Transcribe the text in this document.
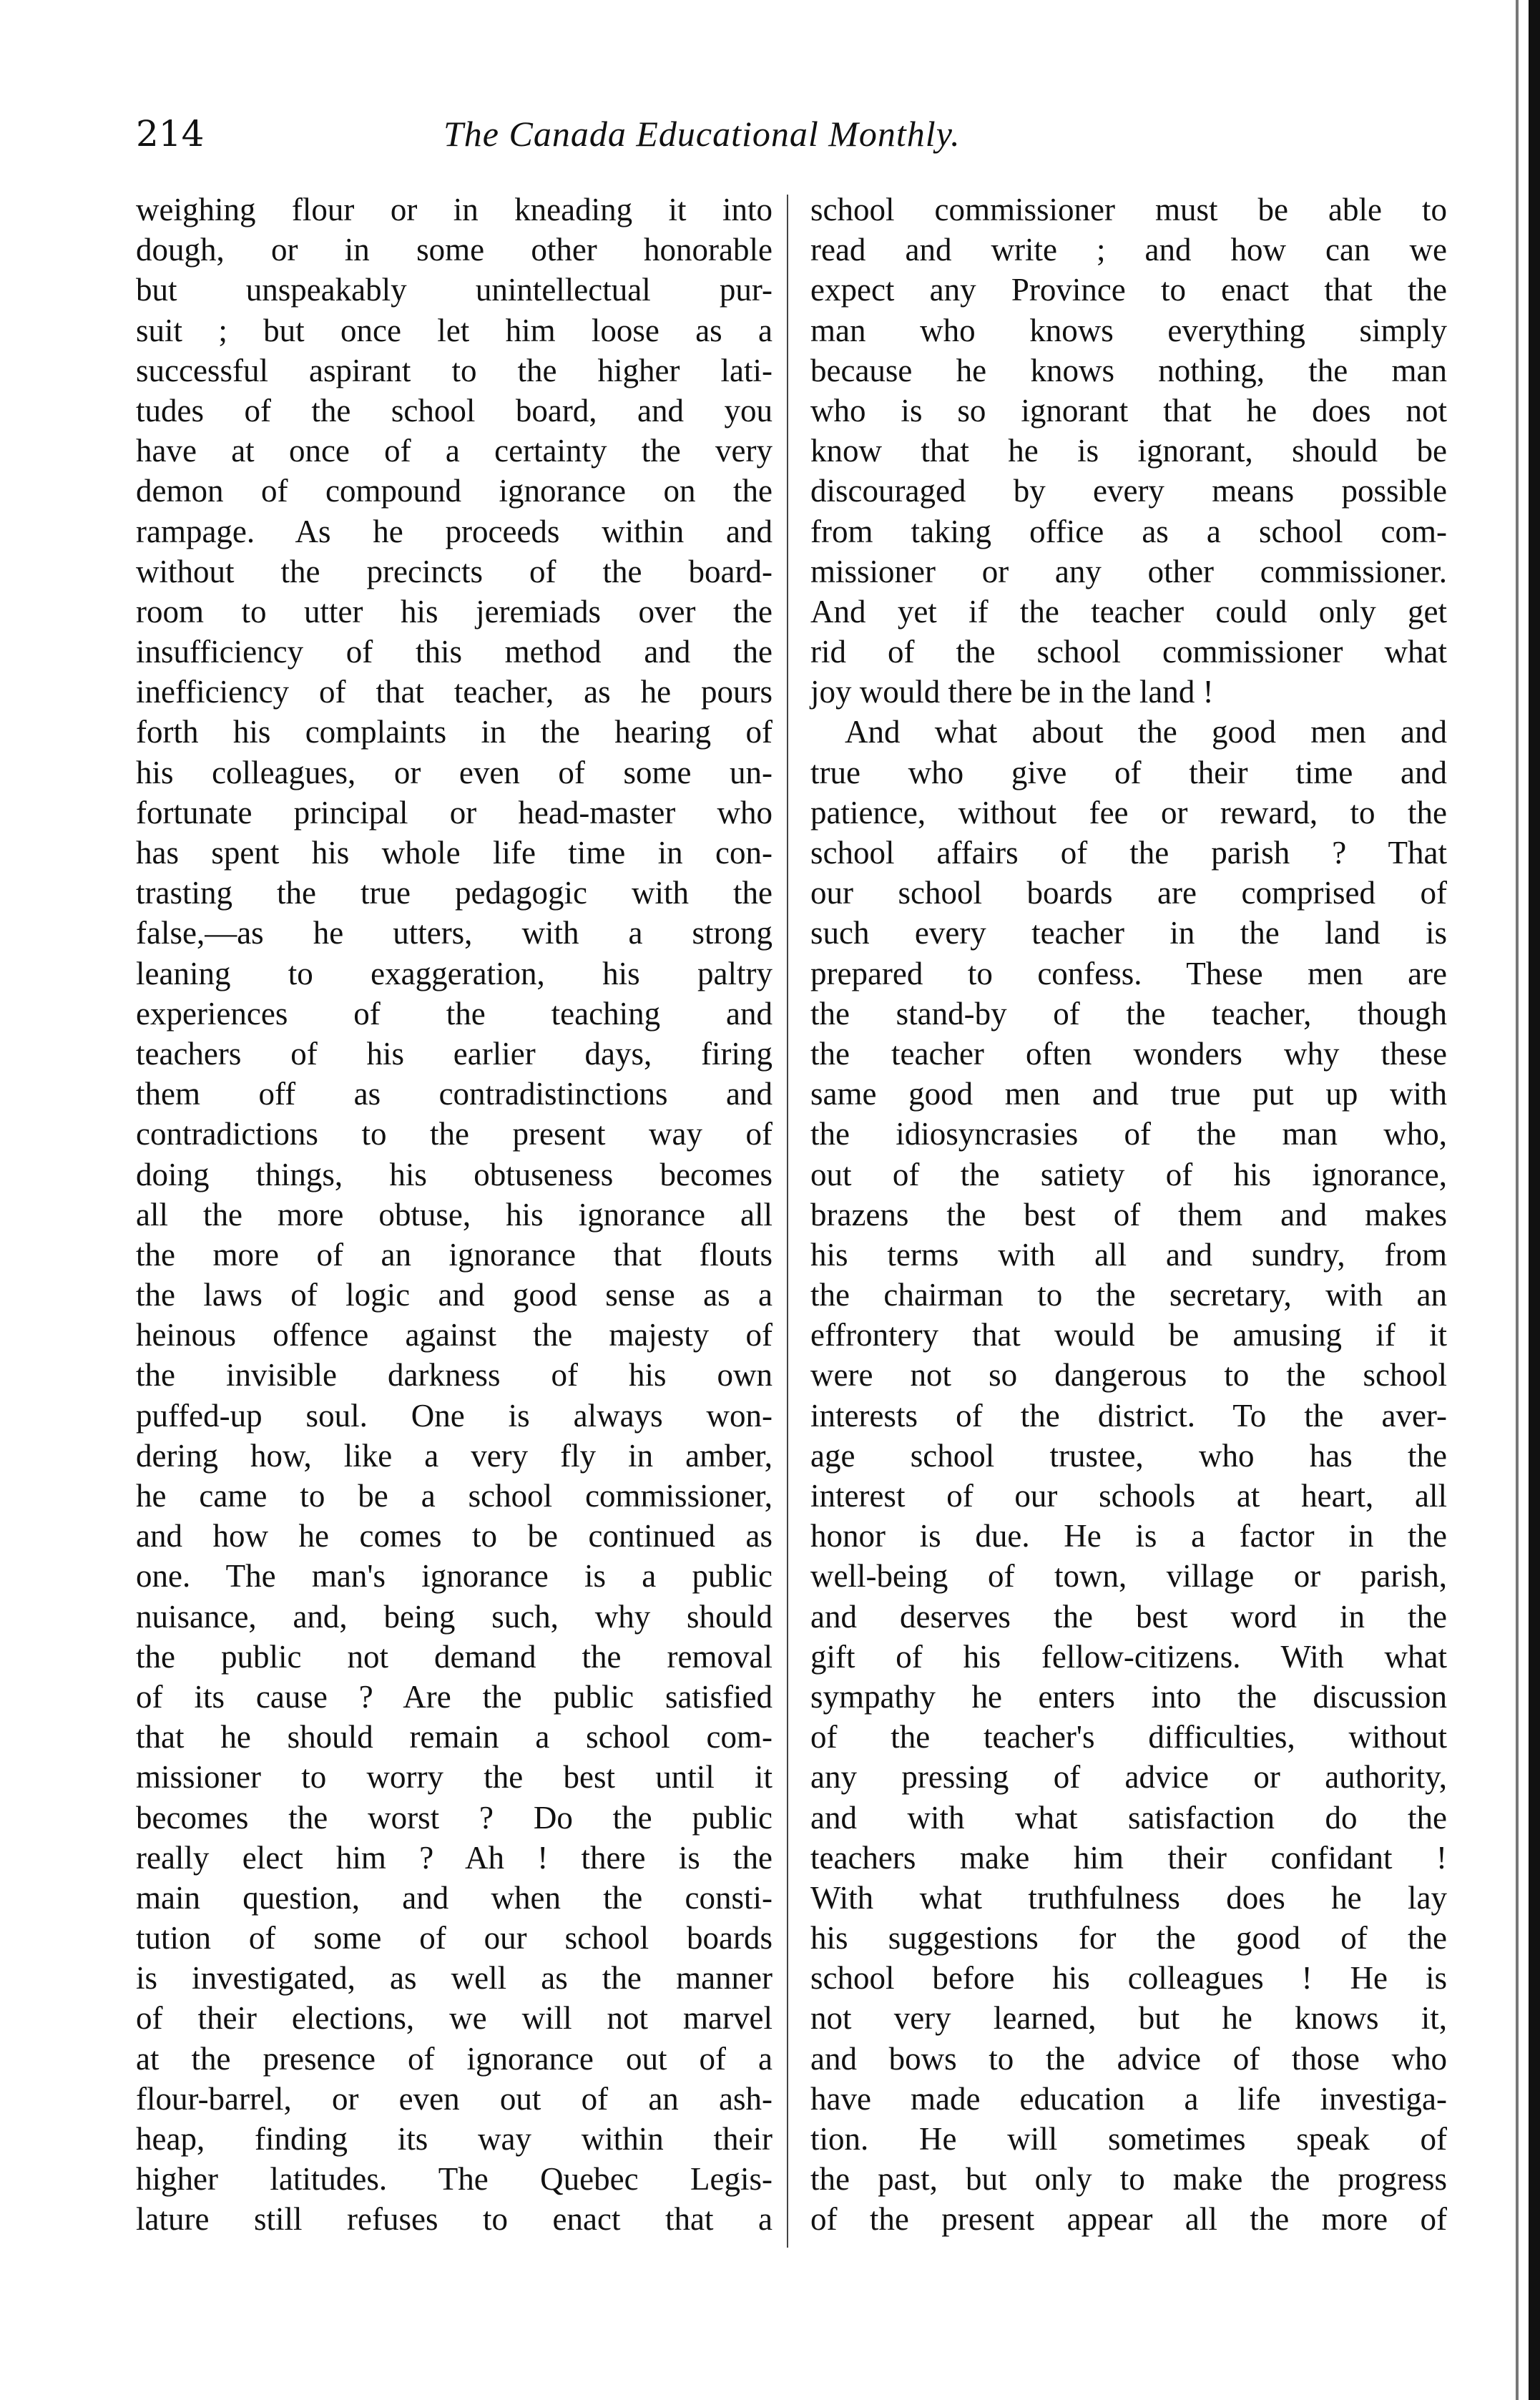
214	The Canada Educational Monthly.
weighing flour or in kneading it into
dough, or in some other honorable
but unspeakably unintellectual pur-
suit ; but once let him loose as a
successful aspirant to the higher lati-
tudes of the school board, and you
have at once of a certainty the very
demon of compound ignorance on the
rampage. As he proceeds within and
without the precincts of the board-
room to utter his jeremiads over the
insufficiency of this method and the
inefficiency of that teacher, as he pours
forth his complaints in the hearing of
his colleagues, or even of some un-
fortunate principal or head-master who
has spent his whole life time in con-
trasting the true pedagogic with the
false,—as he utters, with a strong
leaning to exaggeration, his paltry
experiences of the teaching and
teachers of his earlier days, firing
them off as contradistinctions and
contradictions to the present way of
doing things, his obtuseness becomes
all the more obtuse, his ignorance all
the more of an ignorance that flouts
the laws of logic and good sense as a
heinous offence against the majesty of
the invisible darkness of his own
puffed-up soul. One is always won-
dering how, like a very fly in amber,
he came to be a school commissioner,
and how he comes to be continued as
one. The man's ignorance is a public
nuisance, and, being such, why should
the public not demand the removal
of its cause ? Are the public satisfied
that he should remain a school com-
missioner to worry the best until it
becomes the worst ? Do the public
really elect him ? Ah ! there is the
main question, and when the consti-
tution of some of our school boards
is investigated, as well as the manner
of their elections, we will not marvel
at the presence of ignorance out of a
flour-barrel, or even out of an ash-
heap, finding its way within their
higher latitudes. The Quebec Legis-
lature still refuses to enact that a
school commissioner must be able to
read and write ; and how can we
expect any Province to enact that the
man who knows everything simply
because he knows nothing, the man
who is so ignorant that he does not
know that he is ignorant, should be
discouraged by every means possible
from taking office as a school com-
missioner or any other commissioner.
And yet if the teacher could only get
rid of the school commissioner what
joy would there be in the land !
And what about the good men and
true who give of their time and
patience, without fee or reward, to the
school affairs of the parish ? That
our school boards are comprised of
such every teacher in the land is
prepared to confess. These men are
the stand-by of the teacher, though
the teacher often wonders why these
same good men and true put up with
the idiosyncrasies of the man who,
out of the satiety of his ignorance,
brazens the best of them and makes
his terms with all and sundry, from
the chairman to the secretary, with an
effrontery that would be amusing if it
were not so dangerous to the school
interests of the district. To the aver-
age school trustee, who has the
interest of our schools at heart, all
honor is due. He is a factor in the
well-being of town, village or parish,
and deserves the best word in the
gift of his fellow-citizens. With what
sympathy he enters into the discussion
of the teacher's difficulties, without
any pressing of advice or authority,
and with what satisfaction do the
teachers make him their confidant !
With what truthfulness does he lay
his suggestions for the good of the
school before his colleagues ! He is
not very learned, but he knows it,
and bows to the advice of those who
have made education a life investiga-
tion. He will sometimes speak of
the past, but only to make the progress
of the present appear all the more of
